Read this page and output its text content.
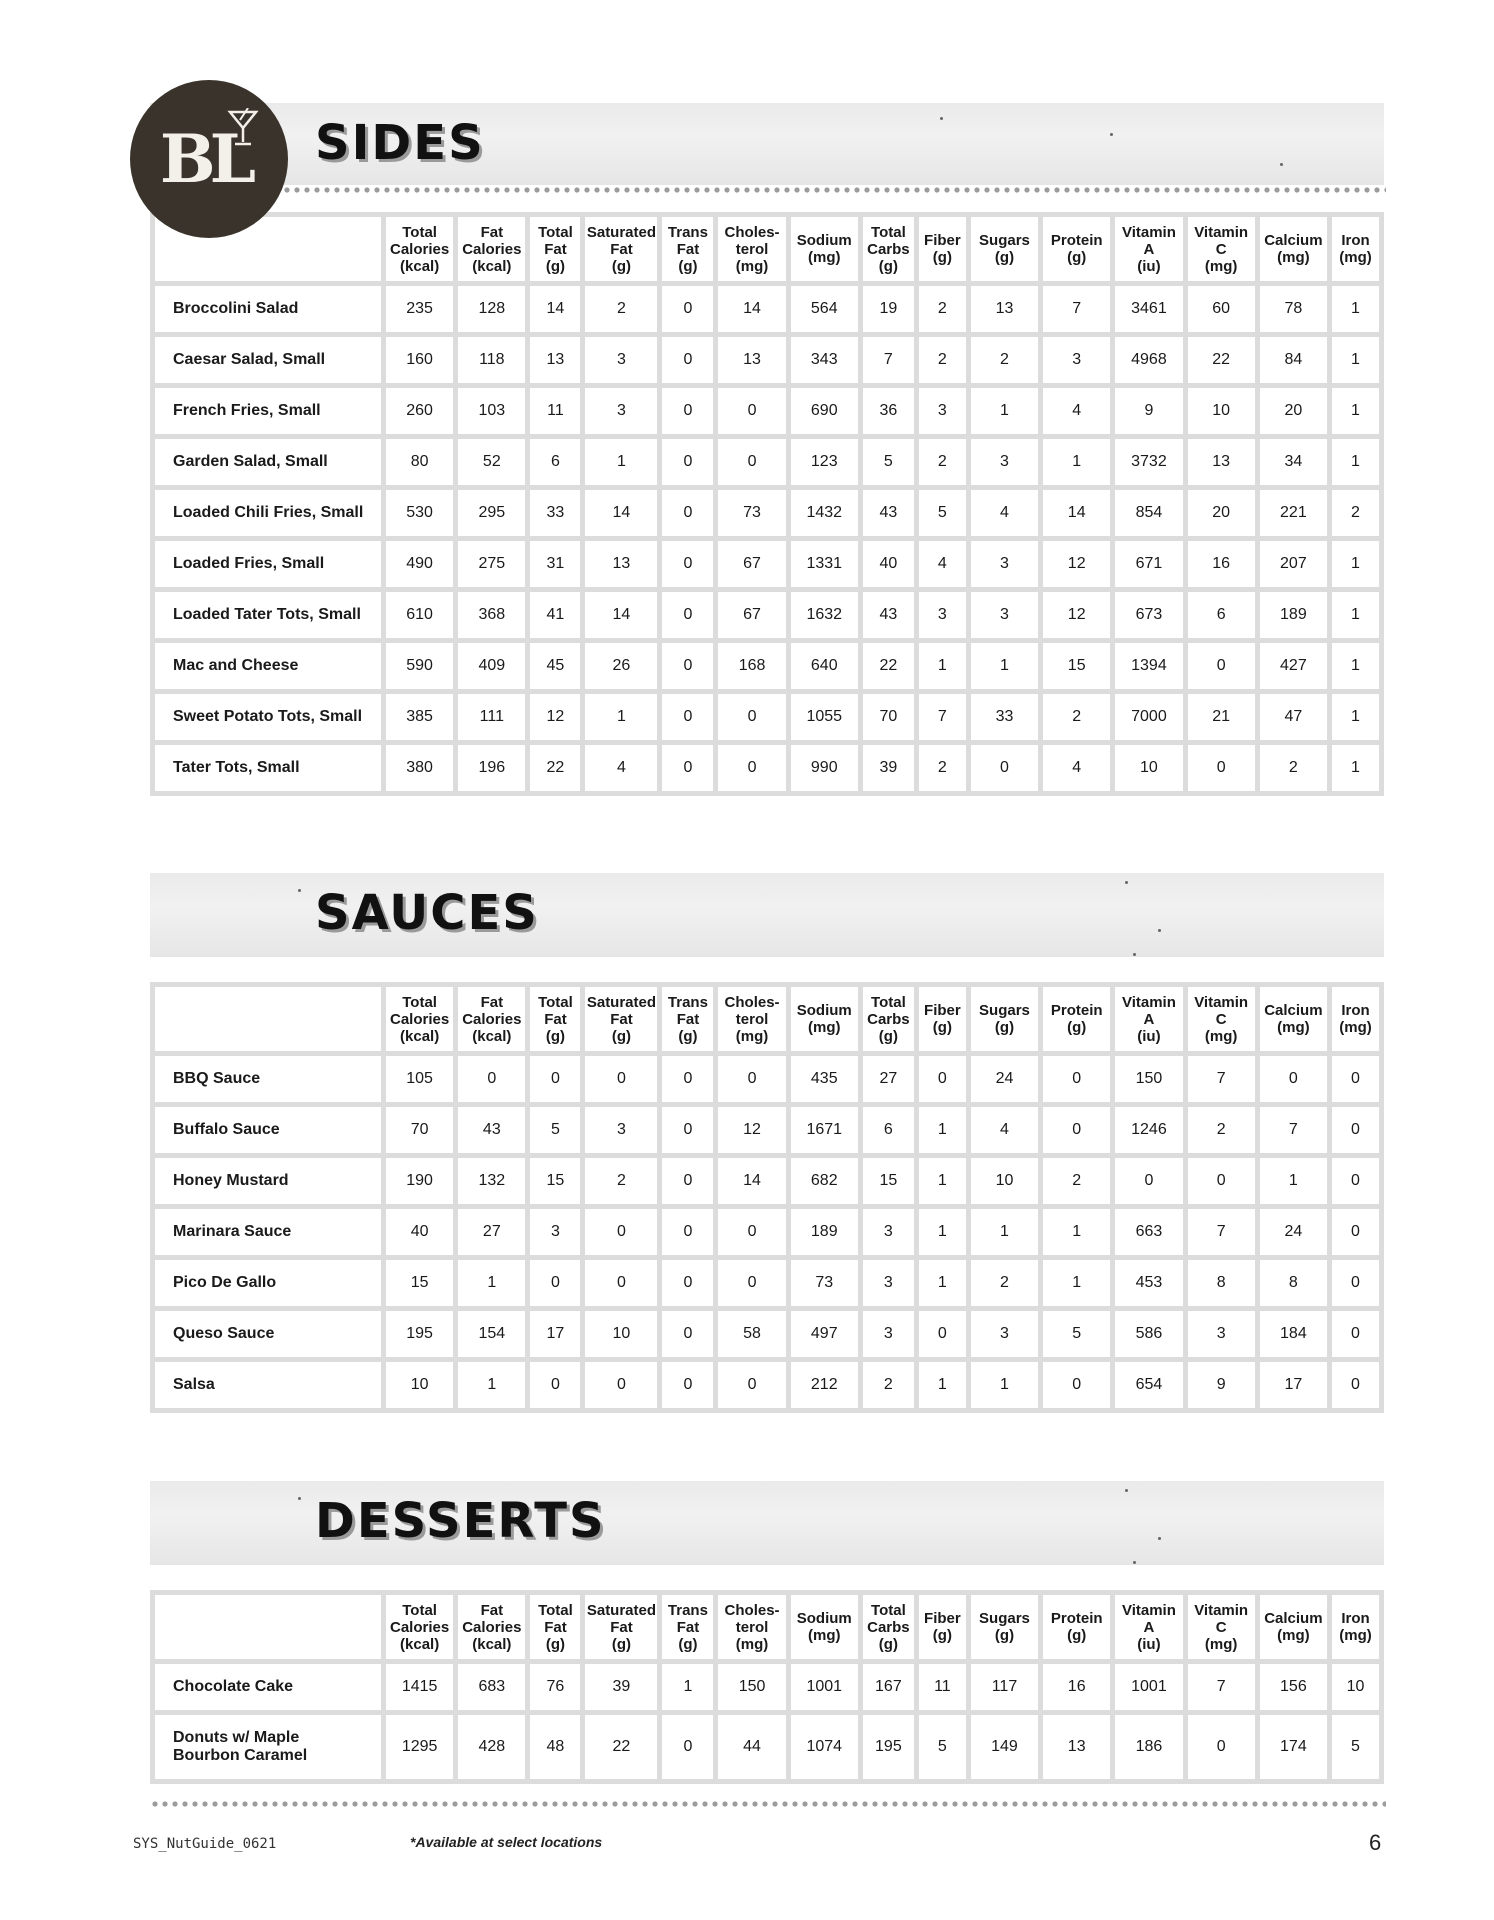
BL SIDES
	Total
Calories
(kcal)	Fat
Calories
(kcal)	Total
Fat
(g)	Saturated
Fat
(g)	Trans
Fat
(g)	Choles-
terol
(mg)	Sodium
(mg)	Total
Carbs
(g)	Fiber
(g)	Sugars
(g)	Protein
(g)	Vitamin
A
(iu)	Vitamin
C
(mg)	Calcium
(mg)	Iron
(mg)
Broccolini Salad	235	128	14	2	0	14	564	19	2	13	7	3461	60	78	1
Caesar Salad, Small	160	118	13	3	0	13	343	7	2	2	3	4968	22	84	1
French Fries, Small	260	103	11	3	0	0	690	36	3	1	4	9	10	20	1
Garden Salad, Small	80	52	6	1	0	0	123	5	2	3	1	3732	13	34	1
Loaded Chili Fries, Small	530	295	33	14	0	73	1432	43	5	4	14	854	20	221	2
Loaded Fries, Small	490	275	31	13	0	67	1331	40	4	3	12	671	16	207	1
Loaded Tater Tots, Small	610	368	41	14	0	67	1632	43	3	3	12	673	6	189	1
Mac and Cheese	590	409	45	26	0	168	640	22	1	1	15	1394	0	427	1
Sweet Potato Tots, Small	385	111	12	1	0	0	1055	70	7	33	2	7000	21	47	1
Tater Tots, Small	380	196	22	4	0	0	990	39	2	0	4	10	0	2	1
SAUCES
	Total
Calories
(kcal)	Fat
Calories
(kcal)	Total
Fat
(g)	Saturated
Fat
(g)	Trans
Fat
(g)	Choles-
terol
(mg)	Sodium
(mg)	Total
Carbs
(g)	Fiber
(g)	Sugars
(g)	Protein
(g)	Vitamin
A
(iu)	Vitamin
C
(mg)	Calcium
(mg)	Iron
(mg)
BBQ Sauce	105	0	0	0	0	0	435	27	0	24	0	150	7	0	0
Buffalo Sauce	70	43	5	3	0	12	1671	6	1	4	0	1246	2	7	0
Honey Mustard	190	132	15	2	0	14	682	15	1	10	2	0	0	1	0
Marinara Sauce	40	27	3	0	0	0	189	3	1	1	1	663	7	24	0
Pico De Gallo	15	1	0	0	0	0	73	3	1	2	1	453	8	8	0
Queso Sauce	195	154	17	10	0	58	497	3	0	3	5	586	3	184	0
Salsa	10	1	0	0	0	0	212	2	1	1	0	654	9	17	0
DESSERTS
	Total
Calories
(kcal)	Fat
Calories
(kcal)	Total
Fat
(g)	Saturated
Fat
(g)	Trans
Fat
(g)	Choles-
terol
(mg)	Sodium
(mg)	Total
Carbs
(g)	Fiber
(g)	Sugars
(g)	Protein
(g)	Vitamin
A
(iu)	Vitamin
C
(mg)	Calcium
(mg)	Iron
(mg)
Chocolate Cake	1415	683	76	39	1	150	1001	167	11	117	16	1001	7	156	10
Donuts w/ Maple
Bourbon Caramel	1295	428	48	22	0	44	1074	195	5	149	13	186	0	174	5
SYS_NutGuide_0621	*Available at select locations	6
